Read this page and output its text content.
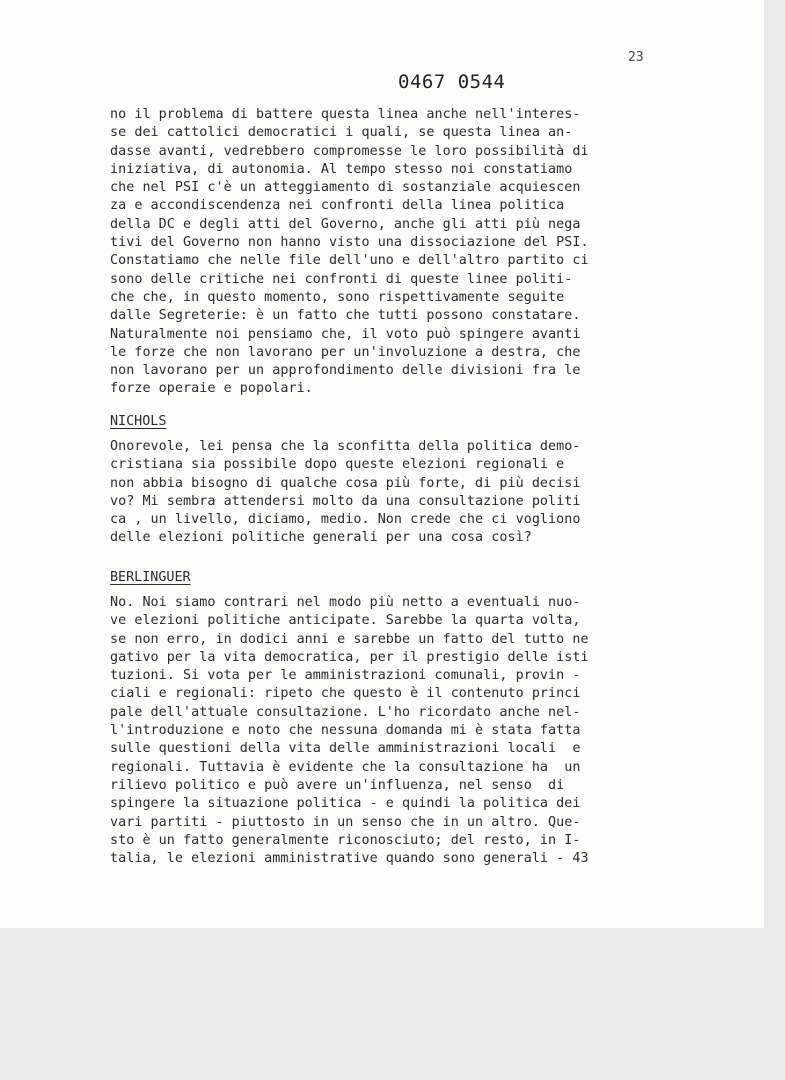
23
0467 0544
no il problema di battere questa linea anche nell'interes-
se dei cattolici democratici i quali, se questa linea an-
dasse avanti, vedrebbero compromesse le loro possibilità di
iniziativa, di autonomia. Al tempo stesso noi constatiamo
che nel PSI c'è un atteggiamento di sostanziale acquiescen
za e accondiscendenza nei confronti della linea politica
della DC e degli atti del Governo, anche gli atti più nega
tivi del Governo non hanno visto una dissociazione del PSI.
Constatiamo che nelle file dell'uno e dell'altro partito ci
sono delle critiche nei confronti di queste linee politi-
che che, in questo momento, sono rispettivamente seguite
dalle Segreterie: è un fatto che tutti possono constatare.
Naturalmente noi pensiamo che, il voto può spingere avanti
le forze che non lavorano per un'involuzione a destra, che
non lavorano per un approfondimento delle divisioni fra le
forze operaie e popolari.
NICHOLS
Onorevole, lei pensa che la sconfitta della politica demo-
cristiana sia possibile dopo queste elezioni regionali e
non abbia bisogno di qualche cosa più forte, di più decisi
vo? Mi sembra attendersi molto da una consultazione politi
ca , un livello, diciamo, medio. Non crede che ci vogliono
delle elezioni politiche generali per una cosa così?
BERLINGUER
No. Noi siamo contrari nel modo più netto a eventuali nuo-
ve elezioni politiche anticipate. Sarebbe la quarta volta,
se non erro, in dodici anni e sarebbe un fatto del tutto ne
gativo per la vita democratica, per il prestigio delle isti
tuzioni. Si vota per le amministrazioni comunali, provin -
ciali e regionali: ripeto che questo è il contenuto princi
pale dell'attuale consultazione. L'ho ricordato anche nel-
l'introduzione e noto che nessuna domanda mi è stata fatta
sulle questioni della vita delle amministrazioni locali  e
regionali. Tuttavia è evidente che la consultazione ha  un
rilievo politico e può avere un'influenza, nel senso  di
spingere la situazione politica - e quindi la politica dei
vari partiti - piuttosto in un senso che in un altro. Que-
sto è un fatto generalmente riconosciuto; del resto, in I-
talia, le elezioni amministrative quando sono generali - 43
